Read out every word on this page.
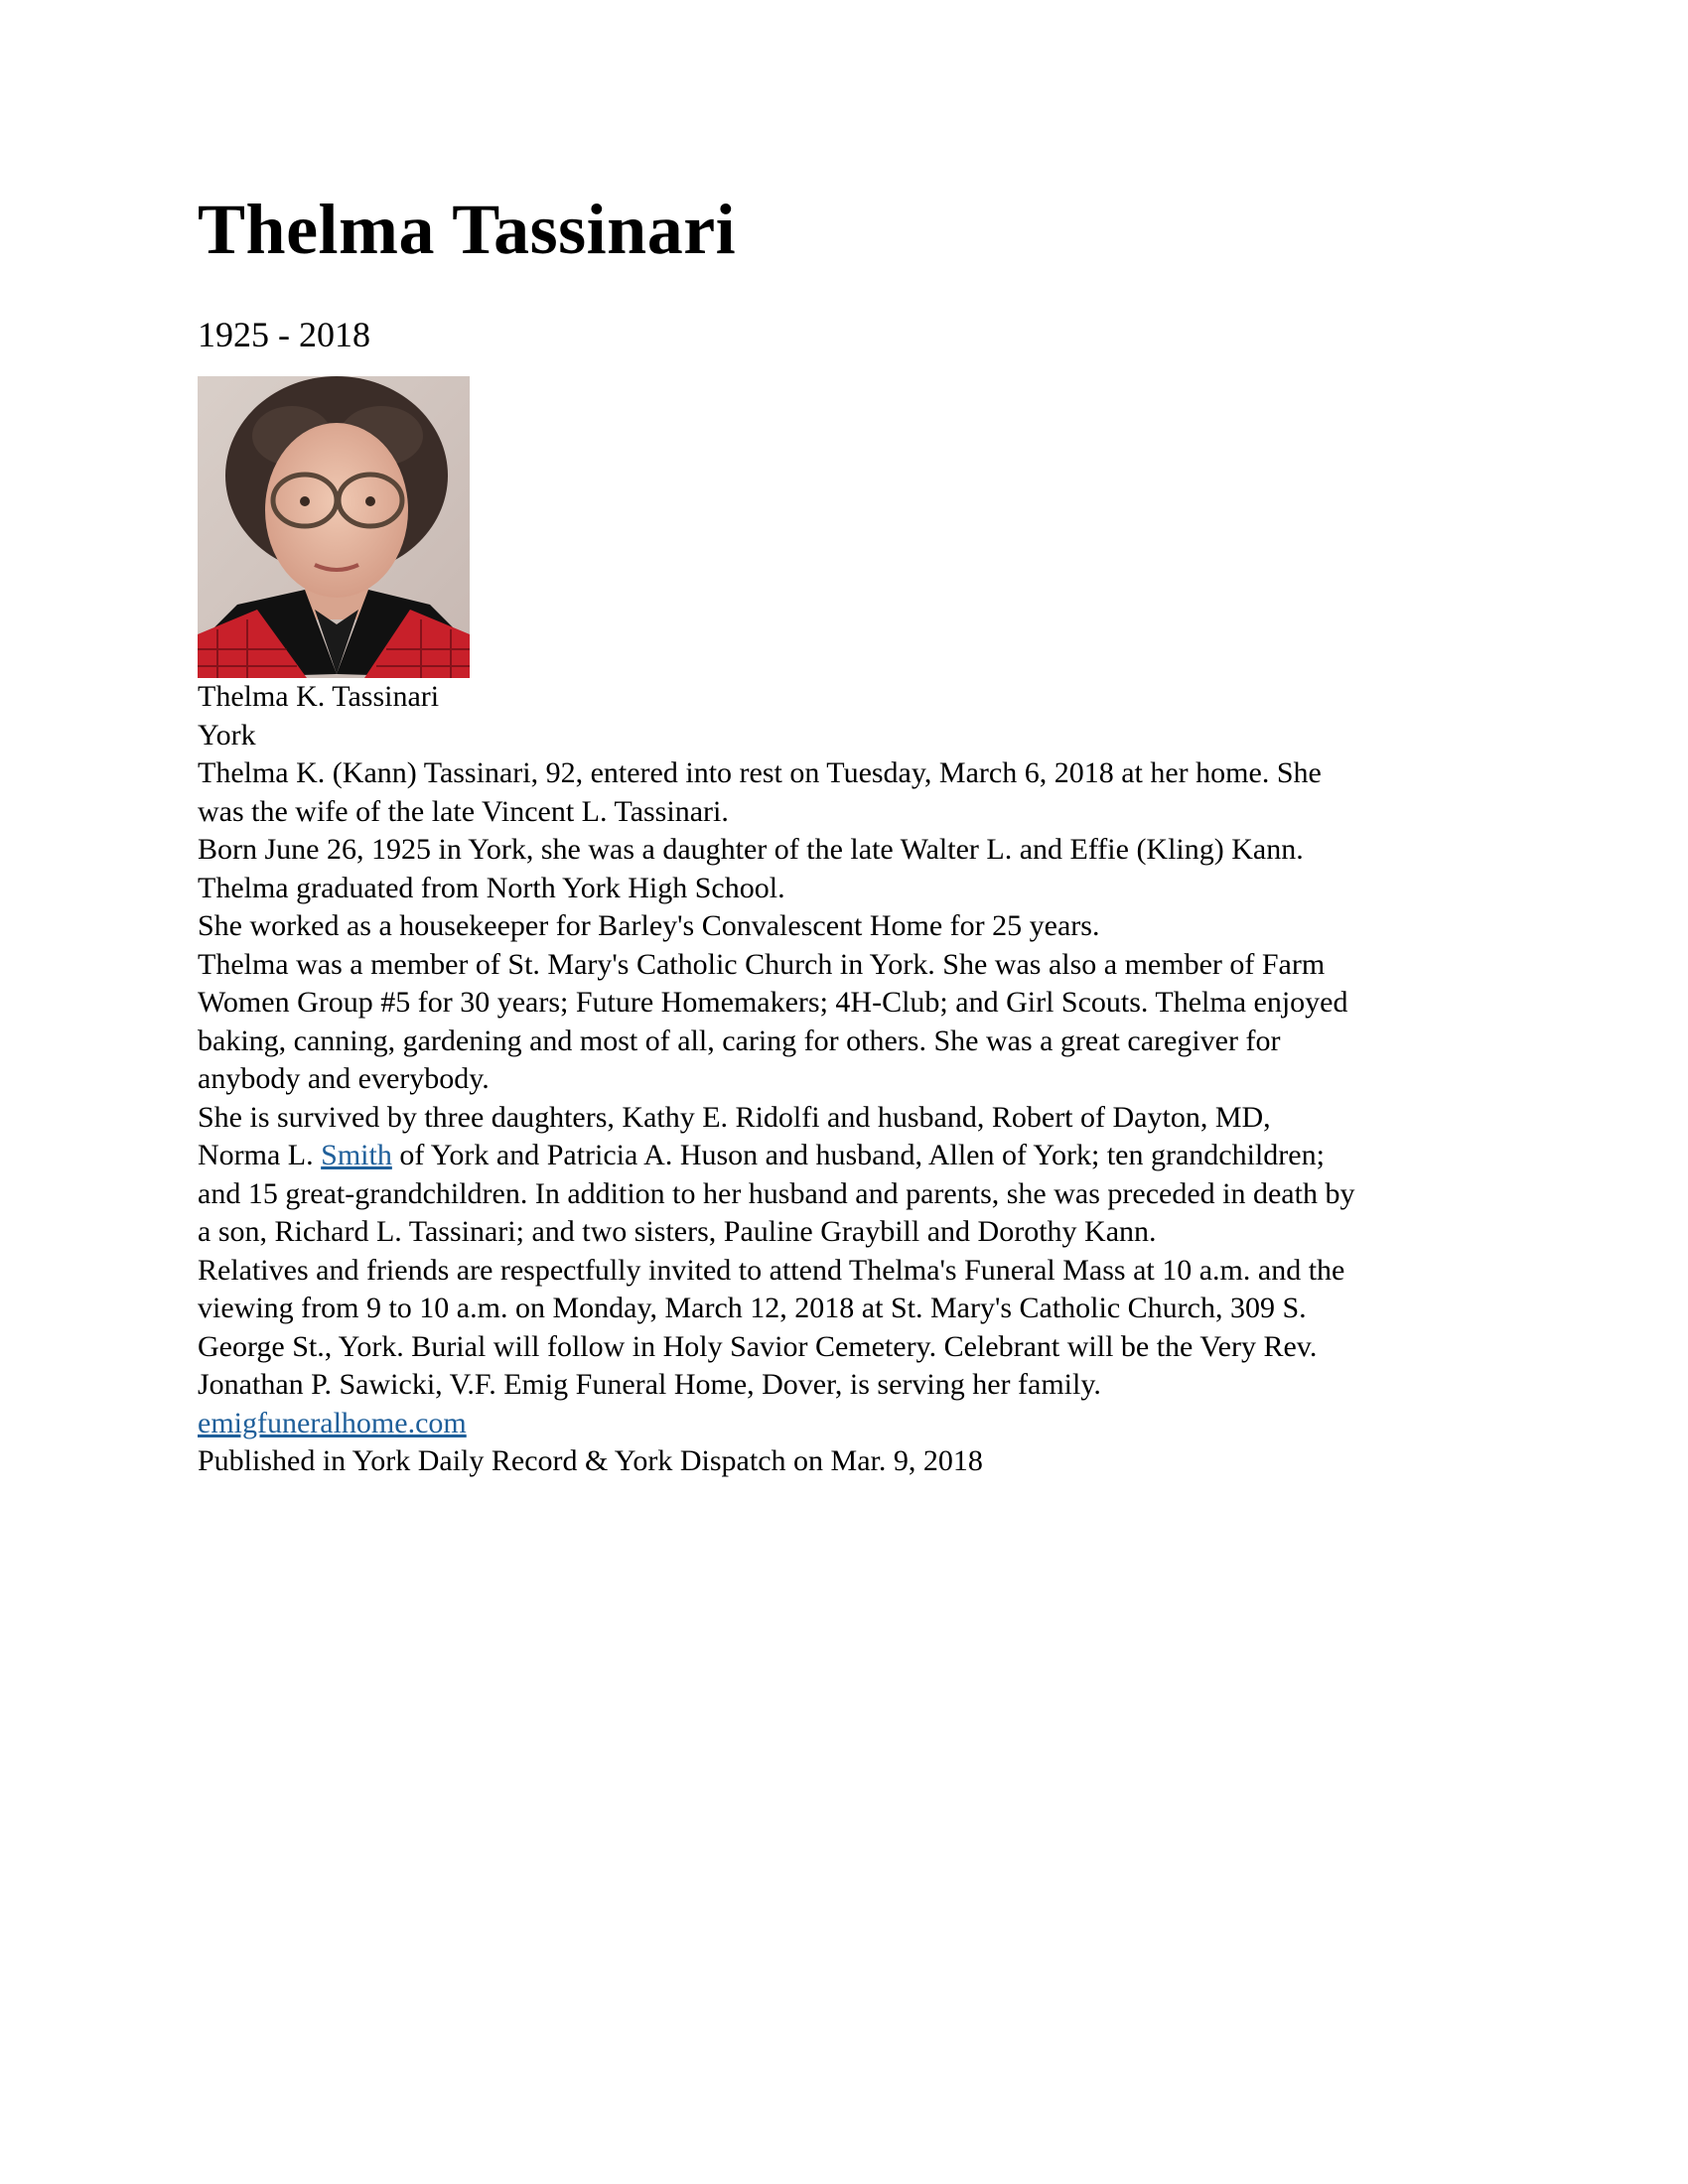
Thelma Tassinari
1925 - 2018
Thelma K. Tassinari
York
Thelma K. (Kann) Tassinari, 92, entered into rest on Tuesday, March 6, 2018 at her home. She
was the wife of the late Vincent L. Tassinari.
Born June 26, 1925 in York, she was a daughter of the late Walter L. and Effie (Kling) Kann.
Thelma graduated from North York High School.
She worked as a housekeeper for Barley's Convalescent Home for 25 years.
Thelma was a member of St. Mary's Catholic Church in York. She was also a member of Farm
Women Group #5 for 30 years; Future Homemakers; 4H-Club; and Girl Scouts. Thelma enjoyed
baking, canning, gardening and most of all, caring for others. She was a great caregiver for
anybody and everybody.
She is survived by three daughters, Kathy E. Ridolfi and husband, Robert of Dayton, MD,
Norma L. Smith of York and Patricia A. Huson and husband, Allen of York; ten grandchildren;
and 15 great-grandchildren. In addition to her husband and parents, she was preceded in death by
a son, Richard L. Tassinari; and two sisters, Pauline Graybill and Dorothy Kann.
Relatives and friends are respectfully invited to attend Thelma's Funeral Mass at 10 a.m. and the
viewing from 9 to 10 a.m. on Monday, March 12, 2018 at St. Mary's Catholic Church, 309 S.
George St., York. Burial will follow in Holy Savior Cemetery. Celebrant will be the Very Rev.
Jonathan P. Sawicki, V.F. Emig Funeral Home, Dover, is serving her family.
emigfuneralhome.com
Published in York Daily Record & York Dispatch on Mar. 9, 2018
